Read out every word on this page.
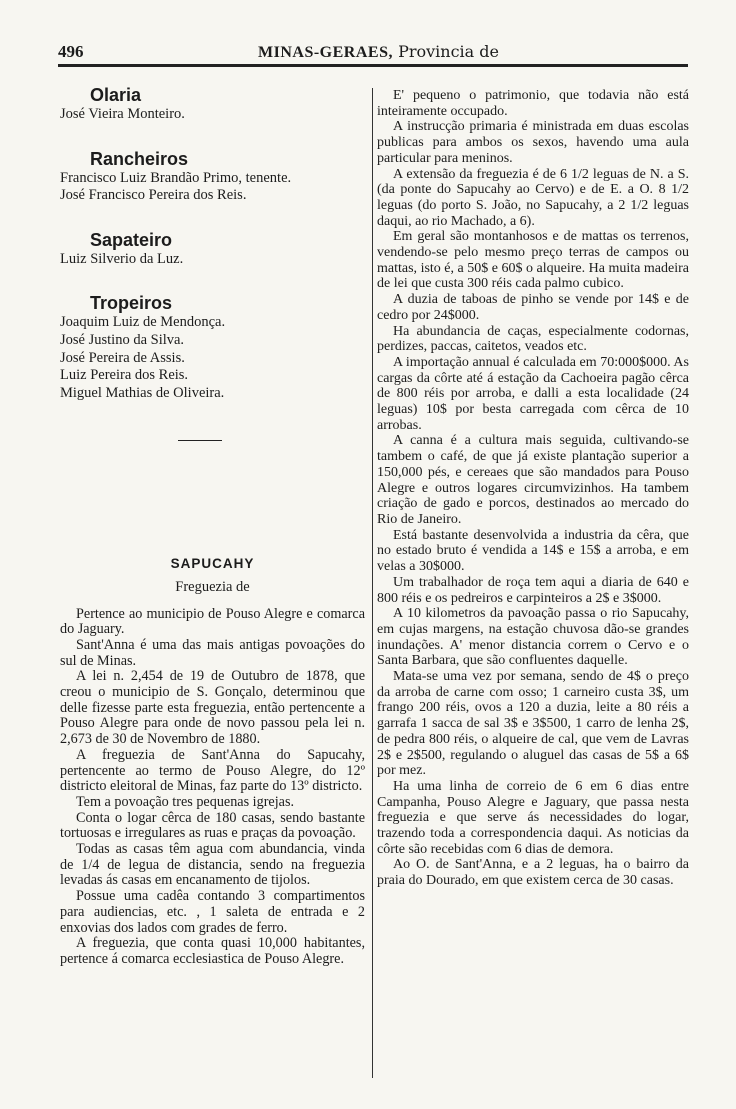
496	MINAS-GERAES, Provincia de
Olaria
José Vieira Monteiro.
Rancheiros
Francisco Luiz Brandão Primo, tenente.
José Francisco Pereira dos Reis.
Sapateiro
Luiz Silverio da Luz.
Tropeiros
Joaquim Luiz de Mendonça.
José Justino da Silva.
José Pereira de Assis.
Luiz Pereira dos Reis.
Miguel Mathias de Oliveira.
SAPUCAHY
Freguezia de

Pertence ao municipio de Pouso Alegre e comarca do Jaguary.

Sant'Anna é uma das mais antigas povoações do sul de Minas.

A lei n. 2,454 de 19 de Outubro de 1878, que creou o municipio de S. Gonçalo, determinou que delle fizesse parte esta freguezia, então pertencente a Pouso Alegre para onde de novo passou pela lei n. 2,673 de 30 de Novembro de 1880.

A freguezia de Sant'Anna do Sapucahy, pertencente ao termo de Pouso Alegre, do 12º districto eleitoral de Minas, faz parte do 13º districto.

Tem a povoação tres pequenas igrejas.

Conta o logar cêrca de 180 casas, sendo bastante tortuosas e irregulares as ruas e praças da povoação.

Todas as casas têm agua com abundancia, vinda de 1/4 de legua de distancia, sendo na freguezia levadas ás casas em encanamento de tijolos.

Possue uma cadêa contando 3 compartimentos para audiencias, etc. , 1 saleta de entrada e 2 enxovias dos lados com grades de ferro.

A freguezia, que conta quasi 10,000 habitantes, pertence á comarca ecclesiastica de Pouso Alegre.

E' pequeno o patrimonio, que todavia não está inteiramente occupado.

A instrucção primaria é ministrada em duas escolas publicas para ambos os sexos, havendo uma aula particular para meninos.

A extensão da freguezia é de 6 1/2 leguas de N. a S. (da ponte do Sapucahy ao Cervo) e de E. a O. 8 1/2 leguas (do porto S. João, no Sapucahy, a 2 1/2 leguas daqui, ao rio Machado, a 6).

Em geral são montanhosos e de mattas os terrenos, vendendo-se pelo mesmo preço terras de campos ou mattas, isto é, a 50$ e 60$ o alqueire. Ha muita madeira de lei que custa 300 réis cada palmo cubico.

A duzia de taboas de pinho se vende por 14$ e de cedro por 24$000.

Ha abundancia de caças, especialmente codornas, perdizes, paccas, caitetos, veados etc.

A importação annual é calculada em 70:000$000. As cargas da côrte até á estação da Cachoeira pagão cêrca de 800 réis por arroba, e dalli a esta localidade (24 leguas) 10$ por besta carregada com cêrca de 10 arrobas.

A canna é a cultura mais seguida, cultivando-se tambem o café, de que já existe plantação superior a 150,000 pés, e cereaes que são mandados para Pouso Alegre e outros logares circumvizinhos. Ha tambem criação de gado e porcos, destinados ao mercado do Rio de Janeiro.

Está bastante desenvolvida a industria da cêra, que no estado bruto é vendida a 14$ e 15$ a arroba, e em velas a 30$000.

Um trabalhador de roça tem aqui a diaria de 640 e 800 réis e os pedreiros e carpinteiros a 2$ e 3$000.

A 10 kilometros da pavoação passa o rio Sapucahy, em cujas margens, na estação chuvosa dão-se grandes inundações. A' menor distancia correm o Cervo e o Santa Barbara, que são confluentes daquelle.

Mata-se uma vez por semana, sendo de 4$ o preço da arroba de carne com osso; 1 carneiro custa 3$, um frango 200 réis, ovos a 120 a duzia, leite a 80 réis a garrafa 1 sacca de sal 3$ e 3$500, 1 carro de lenha 2$, de pedra 800 réis, o alqueire de cal, que vem de Lavras 2$ e 2$500, regulando o aluguel das casas de 5$ a 6$ por mez.

Ha uma linha de correio de 6 em 6 dias entre Campanha, Pouso Alegre e Jaguary, que passa nesta freguezia e que serve ás necessidades do logar, trazendo toda a correspondencia daqui. As noticias da côrte são recebidas com 6 dias de demora.

Ao O. de Sant'Anna, e a 2 leguas, ha o bairro da praia do Dourado, em que existem cerca de 30 casas.
